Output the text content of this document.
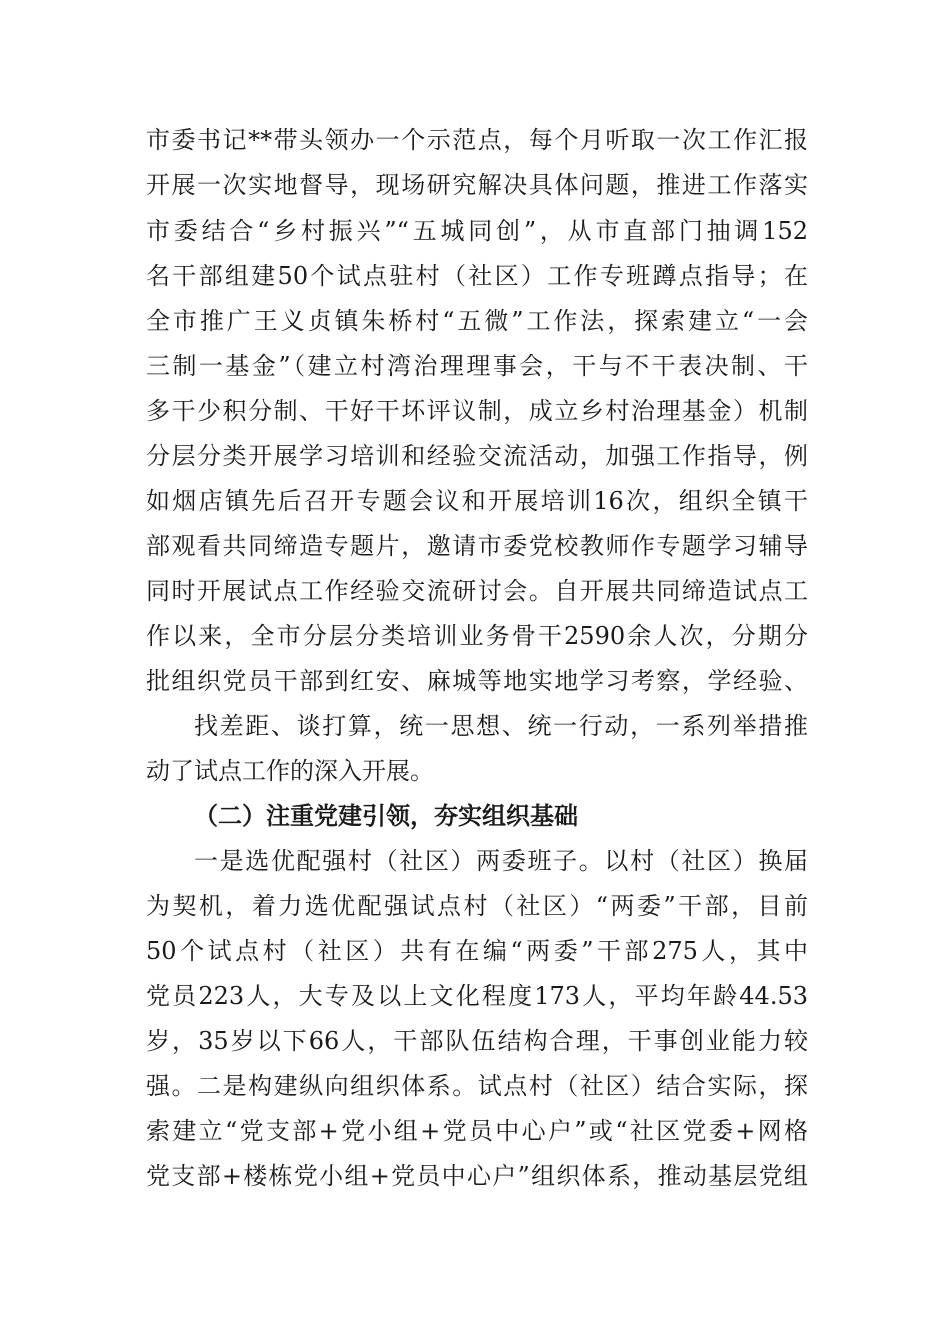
市委书记**带头领办一个示范点，每个月听取一次工作汇报
开展一次实地督导，现场研究解决具体问题，推进工作落实
市委结合“乡村振兴”“五城同创”，从市直部门抽调152
名干部组建50个试点驻村（社区）工作专班蹲点指导；在
全市推广王义贞镇朱桥村“五微”工作法，探索建立“一会
三制一基金”（建立村湾治理理事会，干与不干表决制、干
多干少积分制、干好干坏评议制，成立乡村治理基金）机制
分层分类开展学习培训和经验交流活动，加强工作指导，例
如烟店镇先后召开专题会议和开展培训16次，组织全镇干
部观看共同缔造专题片，邀请市委党校教师作专题学习辅导
同时开展试点工作经验交流研讨会。自开展共同缔造试点工
作以来，全市分层分类培训业务骨干2590余人次，分期分
批组织党员干部到红安、麻城等地实地学习考察，学经验、
找差距、谈打算，统一思想、统一行动，一系列举措推
动了试点工作的深入开展。
（二）注重党建引领，夯实组织基础
一是选优配强村（社区）两委班子。以村（社区）换届
为契机，着力选优配强试点村（社区）“两委”干部，目前
50个试点村（社区）共有在编“两委”干部275人，其中
党员223人，大专及以上文化程度173人，平均年龄44.53
岁，35岁以下66人，干部队伍结构合理，干事创业能力较
强。二是构建纵向组织体系。试点村（社区）结合实际，探
索建立“党支部+党小组+党员中心户”或“社区党委+网格
党支部+楼栋党小组+党员中心户”组织体系，推动基层党组
